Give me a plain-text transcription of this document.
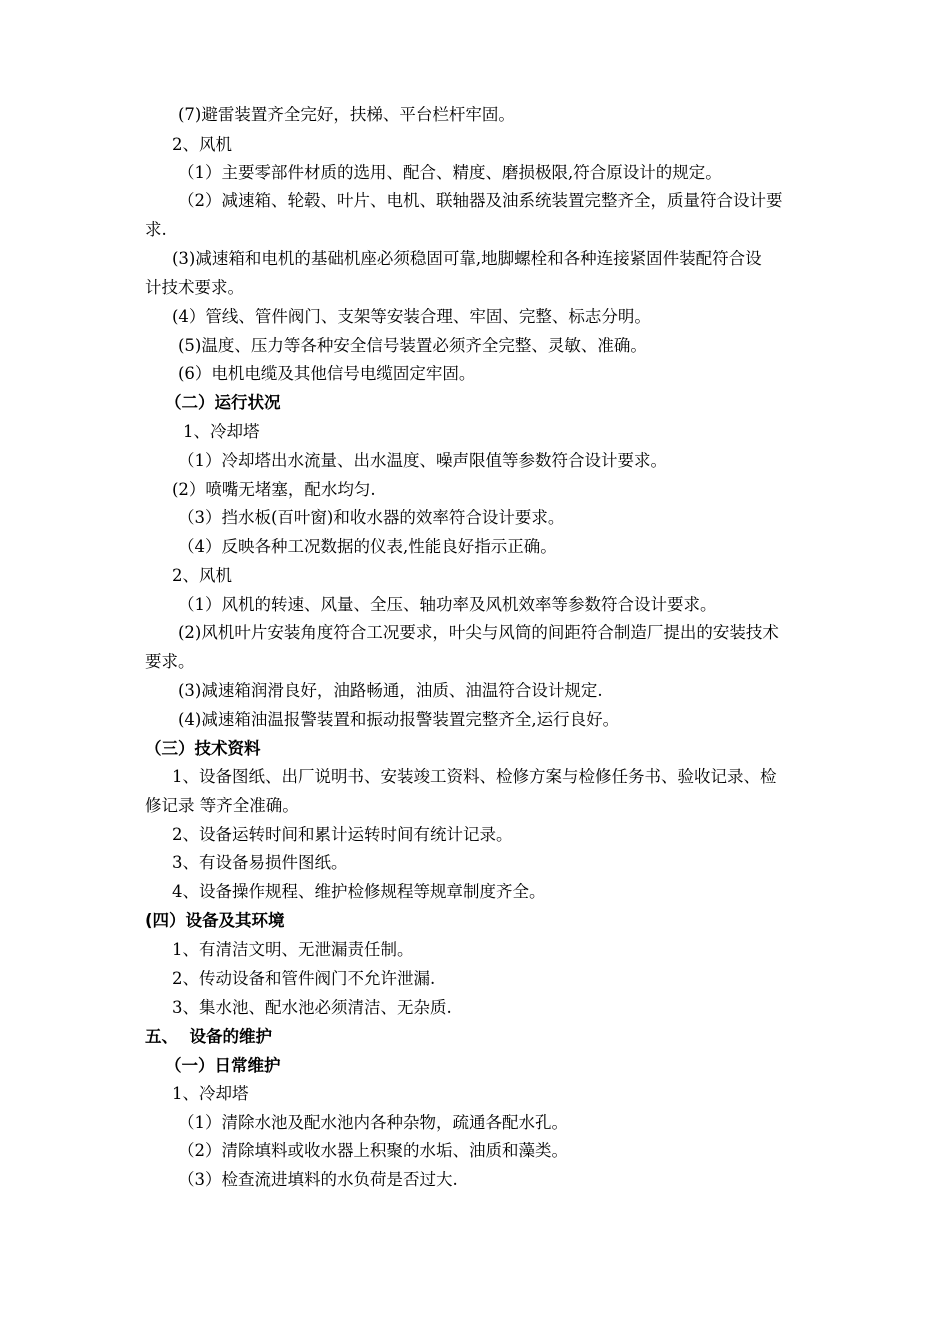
(7)避雷装置齐全完好，扶梯、平台栏杆牢固。
2、风机
（1）主要零部件材质的选用、配合、精度、磨损极限,符合原设计的规定。
（2）减速箱、轮毂、叶片、电机、联轴器及油系统装置完整齐全，质量符合设计要
求.
(3)减速箱和电机的基础机座必须稳固可靠,地脚螺栓和各种连接紧固件装配符合设
计技术要求。
(4）管线、管件阀门、支架等安装合理、牢固、完整、标志分明。
(5)温度、压力等各种安全信号装置必须齐全完整、灵敏、准确。
(6）电机电缆及其他信号电缆固定牢固。
（二）运行状况
1、冷却塔
（1）冷却塔出水流量、出水温度、噪声限值等参数符合设计要求。
(2）喷嘴无堵塞，配水均匀.
（3）挡水板(百叶窗)和收水器的效率符合设计要求。
（4）反映各种工况数据的仪表,性能良好指示正确。
2、风机
（1）风机的转速、风量、全压、轴功率及风机效率等参数符合设计要求。
(2)风机叶片安装角度符合工况要求，叶尖与风筒的间距符合制造厂提出的安装技术
要求。
(3)减速箱润滑良好，油路畅通，油质、油温符合设计规定.
(4)减速箱油温报警装置和振动报警装置完整齐全,运行良好。
（三）技术资料
1、设备图纸、出厂说明书、安装竣工资料、检修方案与检修任务书、验收记录、检
修记录 等齐全准确。
2、设备运转时间和累计运转时间有统计记录。
3、有设备易损件图纸。
4、设备操作规程、维护检修规程等规章制度齐全。
(四）设备及其环境
1、有清洁文明、无泄漏责任制。
2、传动设备和管件阀门不允许泄漏.
3、集水池、配水池必须清洁、无杂质.
五、  设备的维护
（一）日常维护
1、冷却塔
（1）清除水池及配水池内各种杂物，疏通各配水孔。
（2）清除填料或收水器上积聚的水垢、油质和藻类。
（3）检查流进填料的水负荷是否过大.
